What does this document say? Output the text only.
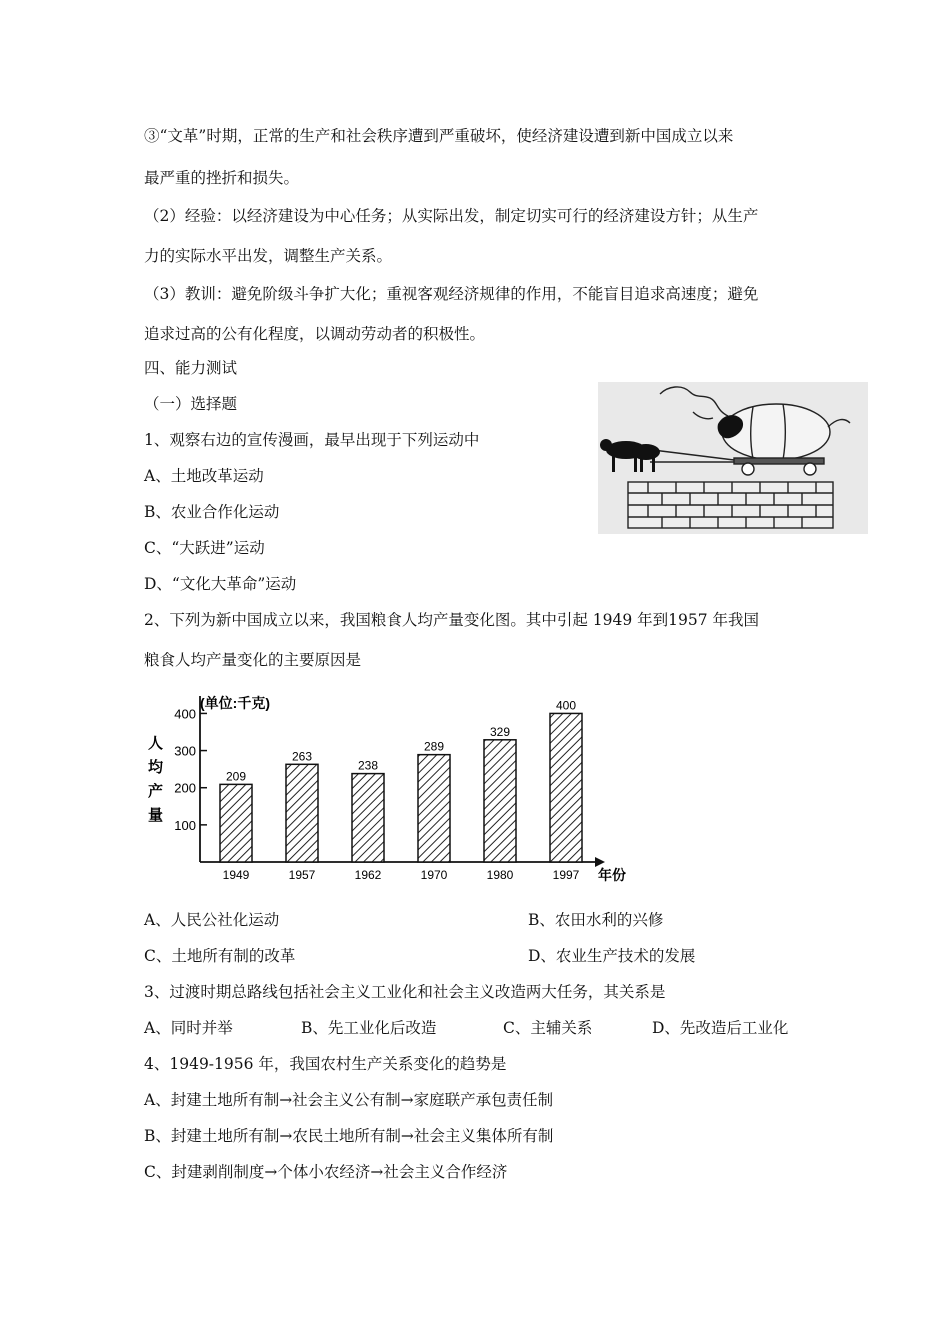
③“文革”时期，正常的生产和社会秩序遭到严重破坏，使经济建设遭到新中国成立以来
最严重的挫折和损失。
（2）经验：以经济建设为中心任务；从实际出发，制定切实可行的经济建设方针；从生产
力的实际水平出发，调整生产关系。
（3）教训：避免阶级斗争扩大化；重视客观经济规律的作用，不能盲目追求高速度；避免
追求过高的公有化程度，以调动劳动者的积极性。
四、能力测试
（一）选择题
1、观察右边的宣传漫画，最早出现于下列运动中
A、土地改革运动
B、农业合作化运动
C、“大跃进”运动
D、“文化大革命”运动
2、下列为新中国成立以来，我国粮食人均产量变化图。其中引起 1949 年到1957 年我国
粮食人均产量变化的主要原因是
100
200
300
400
209
1949
263
1957
238
1962
289
1970
329
1980
400
1997
(单位:千克)
人均产量
年份
A、人民公社化运动	B、农田水利的兴修
C、土地所有制的改革	D、农业生产技术的发展
3、过渡时期总路线包括社会主义工业化和社会主义改造两大任务，其关系是
A、同时并举	B、先工业化后改造	C、主辅关系	D、先改造后工业化
4、1949-1956 年，我国农村生产关系变化的趋势是
A、封建土地所有制→社会主义公有制→家庭联产承包责任制
B、封建土地所有制→农民土地所有制→社会主义集体所有制
C、封建剥削制度→个体小农经济→社会主义合作经济
